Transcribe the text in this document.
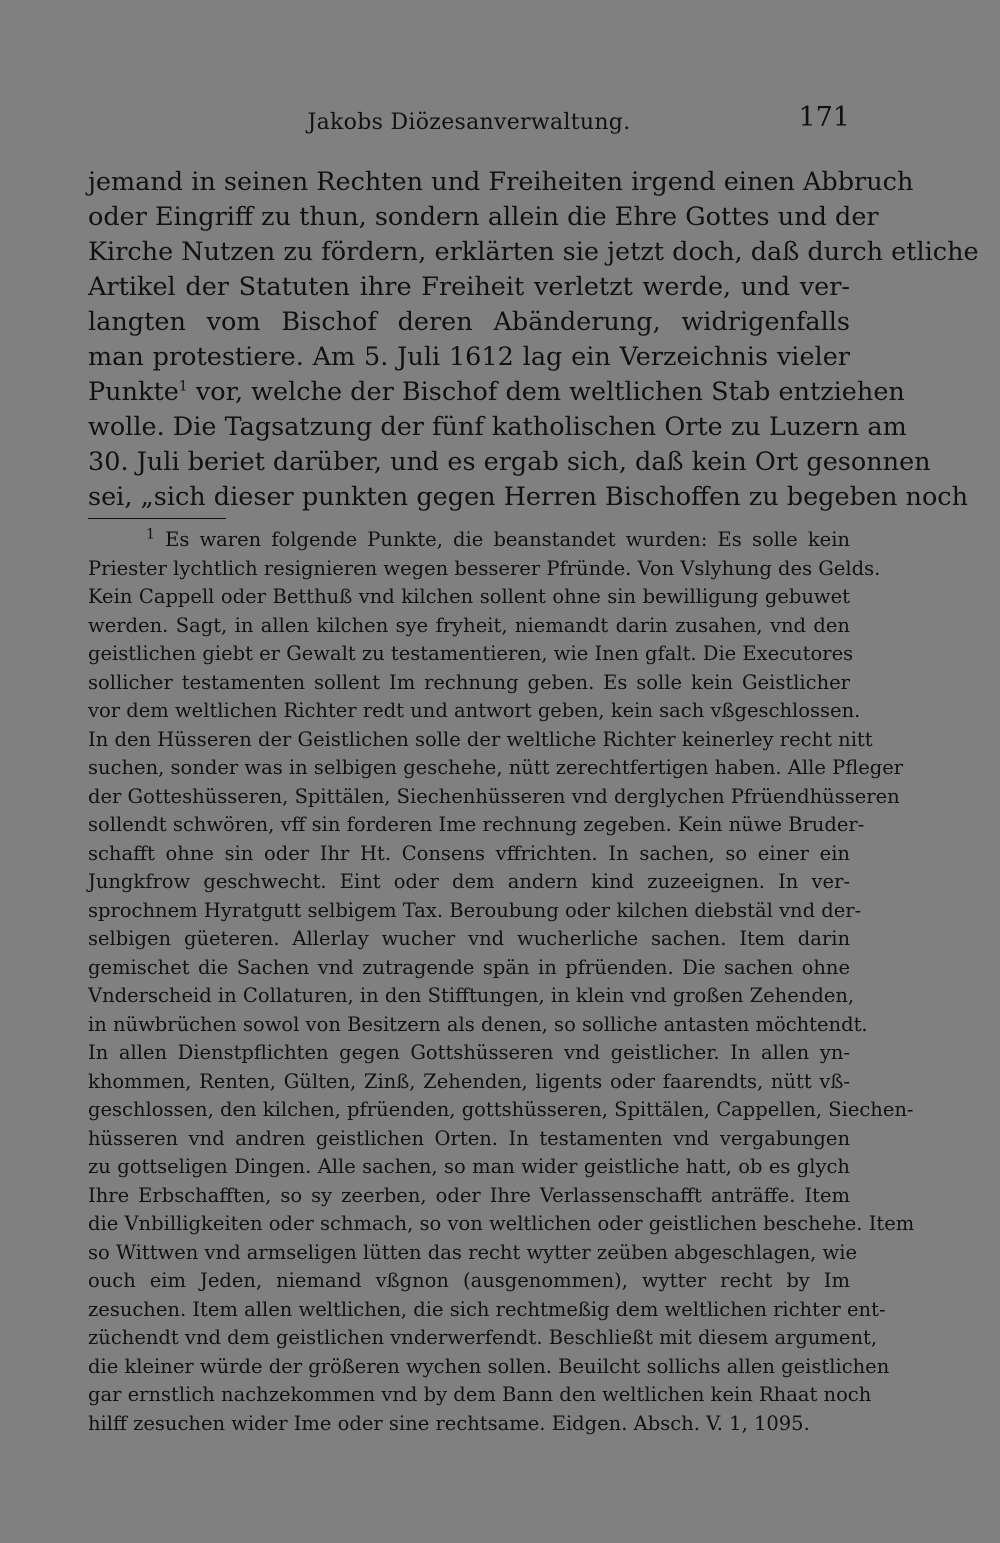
Jakobs Diözesanverwaltung.	171
jemand in seinen Rechten und Freiheiten irgend einen Abbruch
oder Eingriff zu thun, sondern allein die Ehre Gottes und der
Kirche Nutzen zu fördern, erklärten sie jetzt doch, daß durch etliche
Artikel der Statuten ihre Freiheit verletzt werde, und ver-
langten vom Bischof deren Abänderung, widrigenfalls
man protestiere. Am 5. Juli 1612 lag ein Verzeichnis vieler
Punkte$^1$ vor, welche der Bischof dem weltlichen Stab entziehen
wolle. Die Tagsatzung der fünf katholischen Orte zu Luzern am
30. Juli beriet darüber, und es ergab sich, daß kein Ort gesonnen
sei, „sich dieser punkten gegen Herren Bischoffen zu begeben noch
$^1$ Es waren folgende Punkte, die beanstandet wurden: Es solle kein
Priester lychtlich resignieren wegen besserer Pfründe. Von Vslyhung des Gelds.
Kein Cappell oder Betthuß vnd kilchen sollent ohne sin bewilligung gebuwet
werden. Sagt, in allen kilchen sye fryheit, niemandt darin zusahen, vnd den
geistlichen giebt er Gewalt zu testamentieren, wie Inen gfalt. Die Executores
sollicher testamenten sollent Im rechnung geben. Es solle kein Geistlicher
vor dem weltlichen Richter redt und antwort geben, kein sach vßgeschlossen.
In den Hüsseren der Geistlichen solle der weltliche Richter keinerley recht nitt
suchen, sonder was in selbigen geschehe, nütt zerechtfertigen haben. Alle Pfleger
der Gotteshüsseren, Spittälen, Siechenhüsseren vnd derglychen Pfrüendhüsseren
sollendt schwören, vff sin forderen Ime rechnung zegeben. Kein nüwe Bruder-
schafft ohne sin oder Ihr Ht. Consens vffrichten. In sachen, so einer ein
Jungkfrow geschwecht. Eint oder dem andern kind zuzeeignen. In ver-
sprochnem Hyratgutt selbigem Tax. Beroubung oder kilchen diebstäl vnd der-
selbigen güeteren. Allerlay wucher vnd wucherliche sachen. Item darin
gemischet die Sachen vnd zutragende spän in pfrüenden. Die sachen ohne
Vnderscheid in Collaturen, in den Stifftungen, in klein vnd großen Zehenden,
in nüwbrüchen sowol von Besitzern als denen, so solliche antasten möchtendt.
In allen Dienstpflichten gegen Gottshüsseren vnd geistlicher. In allen yn-
khommen, Renten, Gülten, Zinß, Zehenden, ligents oder faarendts, nütt vß-
geschlossen, den kilchen, pfrüenden, gottshüsseren, Spittälen, Cappellen, Siechen-
hüsseren vnd andren geistlichen Orten. In testamenten vnd vergabungen
zu gottseligen Dingen. Alle sachen, so man wider geistliche hatt, ob es glych
Ihre Erbschafften, so sy zeerben, oder Ihre Verlassenschafft anträffe. Item
die Vnbilligkeiten oder schmach, so von weltlichen oder geistlichen beschehe. Item
so Wittwen vnd armseligen lütten das recht wytter zeüben abgeschlagen, wie
ouch eim Jeden, niemand vßgnon (ausgenommen), wytter recht by Im
zesuchen. Item allen weltlichen, die sich rechtmeßig dem weltlichen richter ent-
züchendt vnd dem geistlichen vnderwerfendt. Beschließt mit diesem argument,
die kleiner würde der größeren wychen sollen. Beuilcht sollichs allen geistlichen
gar ernstlich nachzekommen vnd by dem Bann den weltlichen kein Rhaat noch
hilff zesuchen wider Ime oder sine rechtsame. Eidgen. Absch. V. 1, 1095.
